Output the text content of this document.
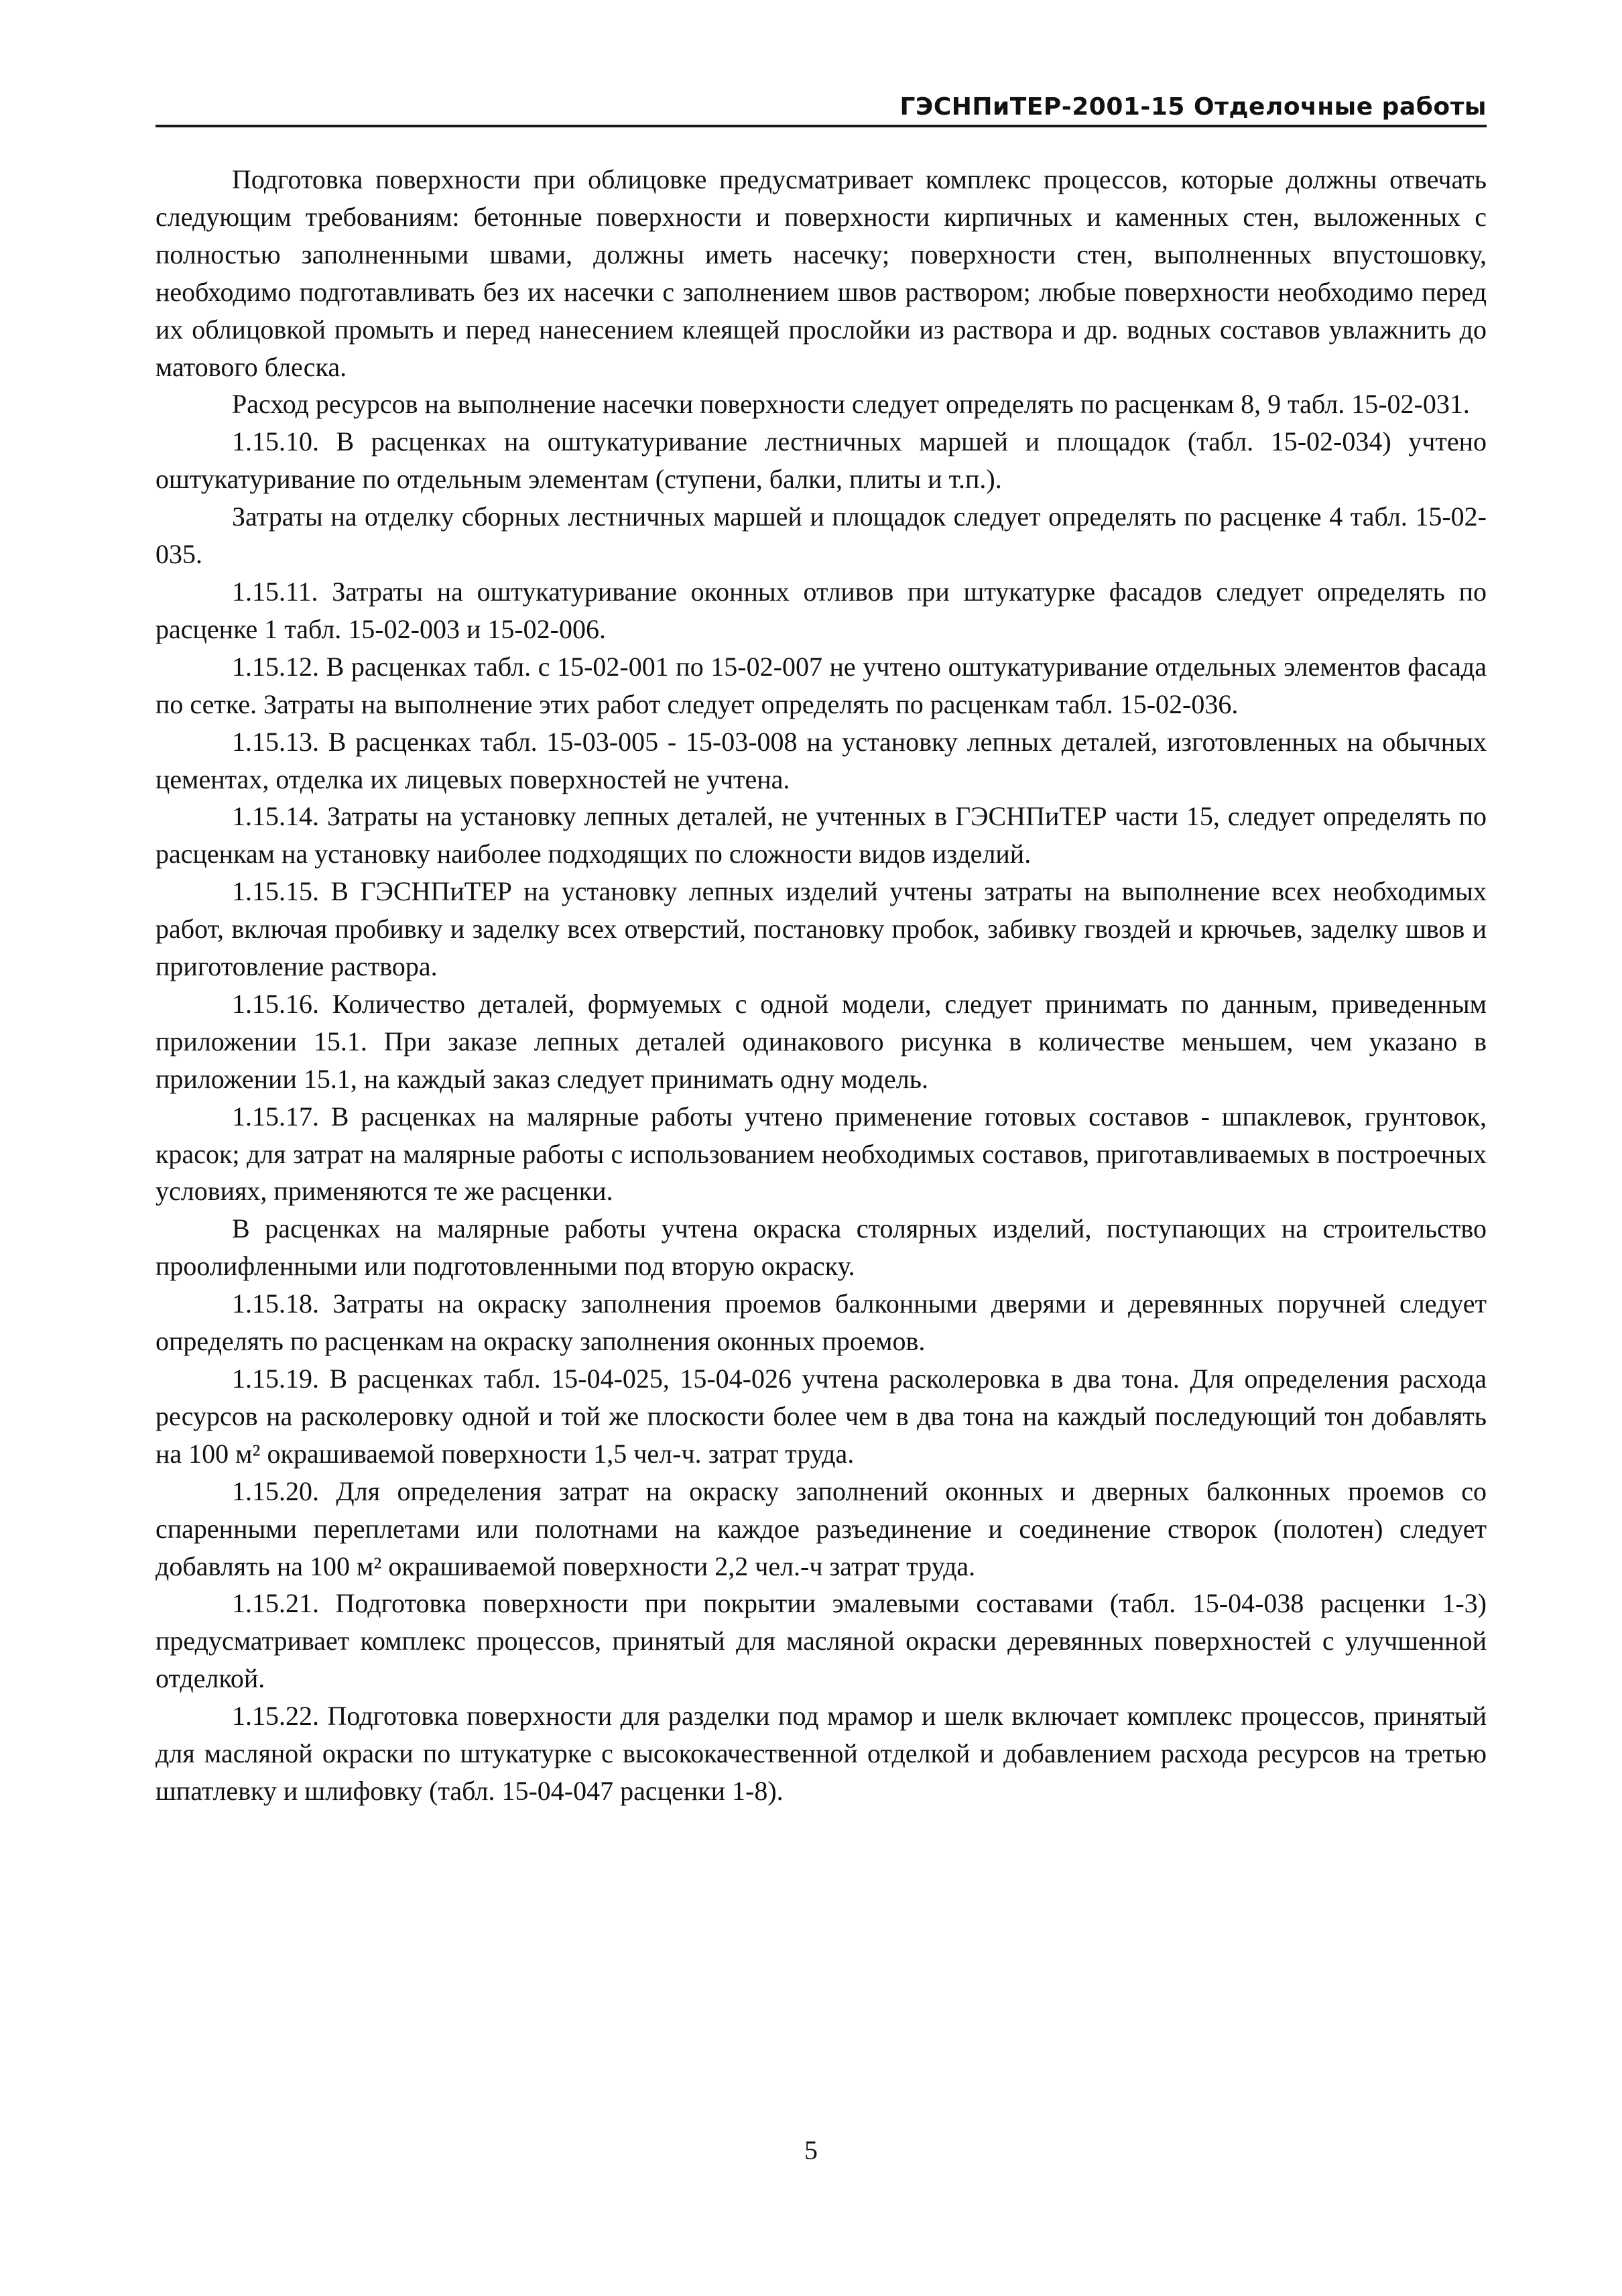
ГЭСНПиТЕР-2001-15 Отделочные работы

Подготовка поверхности при облицовке предусматривает комплекс процессов, которые должны отвечать следующим требованиям: бетонные поверхности и поверхности кирпичных и каменных стен, выложенных с полностью заполненными швами, должны иметь насечку; поверхности стен, выполненных впустошовку, необходимо подготавливать без их насечки с заполнением швов раствором; любые поверхности необходимо перед их облицовкой промыть и перед нанесением клеящей прослойки из раствора и др. водных составов увлажнить до матового блеска.

Расход ресурсов на выполнение насечки поверхности следует определять по расценкам 8, 9 табл. 15-02-031.

1.15.10. В расценках на оштукатуривание лестничных маршей и площадок (табл. 15-02-034) учтено оштукатуривание по отдельным элементам (ступени, балки, плиты и т.п.).

Затраты на отделку сборных лестничных маршей и площадок следует определять по расценке 4 табл. 15-02-035.

1.15.11. Затраты на оштукатуривание оконных отливов при штукатурке фасадов следует определять по расценке 1 табл. 15-02-003 и 15-02-006.

1.15.12. В расценках табл. с 15-02-001 по 15-02-007 не учтено оштукатуривание отдельных элементов фасада по сетке. Затраты на выполнение этих работ следует определять по расценкам табл. 15-02-036.

1.15.13. В расценках табл. 15-03-005 - 15-03-008 на установку лепных деталей, изготовленных на обычных цементах, отделка их лицевых поверхностей не учтена.

1.15.14. Затраты на установку лепных деталей, не учтенных в ГЭСНПиТЕР части 15, следует определять по расценкам на установку наиболее подходящих по сложности видов изделий.

1.15.15. В ГЭСНПиТЕР на установку лепных изделий учтены затраты на выполнение всех необходимых работ, включая пробивку и заделку всех отверстий, постановку пробок, забивку гвоздей и крючьев, заделку швов и приготовление раствора.

1.15.16. Количество деталей, формуемых с одной модели, следует принимать по данным, приведенным приложении 15.1. При заказе лепных деталей одинакового рисунка в количестве меньшем, чем указано в приложении 15.1, на каждый заказ следует принимать одну модель.

1.15.17. В расценках на малярные работы учтено применение готовых составов - шпаклевок, грунтовок, красок; для затрат на малярные работы с использованием необходимых составов, приготавливаемых в построечных условиях, применяются те же расценки.

В расценках на малярные работы учтена окраска столярных изделий, поступающих на строительство проолифленными или подготовленными под вторую окраску.

1.15.18. Затраты на окраску заполнения проемов балконными дверями и деревянных поручней следует определять по расценкам на окраску заполнения оконных проемов.

1.15.19. В расценках табл. 15-04-025, 15-04-026 учтена расколеровка в два тона. Для определения расхода ресурсов на расколеровку одной и той же плоскости более чем в два тона на каждый последующий тон добавлять на 100 м² окрашиваемой поверхности 1,5 чел-ч. затрат труда.

1.15.20. Для определения затрат на окраску заполнений оконных и дверных балконных проемов со спаренными переплетами или полотнами на каждое разъединение и соединение створок (полотен) следует добавлять на 100 м² окрашиваемой поверхности 2,2 чел.-ч затрат труда.

1.15.21. Подготовка поверхности при покрытии эмалевыми составами (табл. 15-04-038 расценки 1-3) предусматривает комплекс процессов, принятый для масляной окраски деревянных поверхностей с улучшенной отделкой.

1.15.22. Подготовка поверхности для разделки под мрамор и шелк включает комплекс процессов, принятый для масляной окраски по штукатурке с высококачественной отделкой и добавлением расхода ресурсов на третью шпатлевку и шлифовку (табл. 15-04-047 расценки 1-8).

5
